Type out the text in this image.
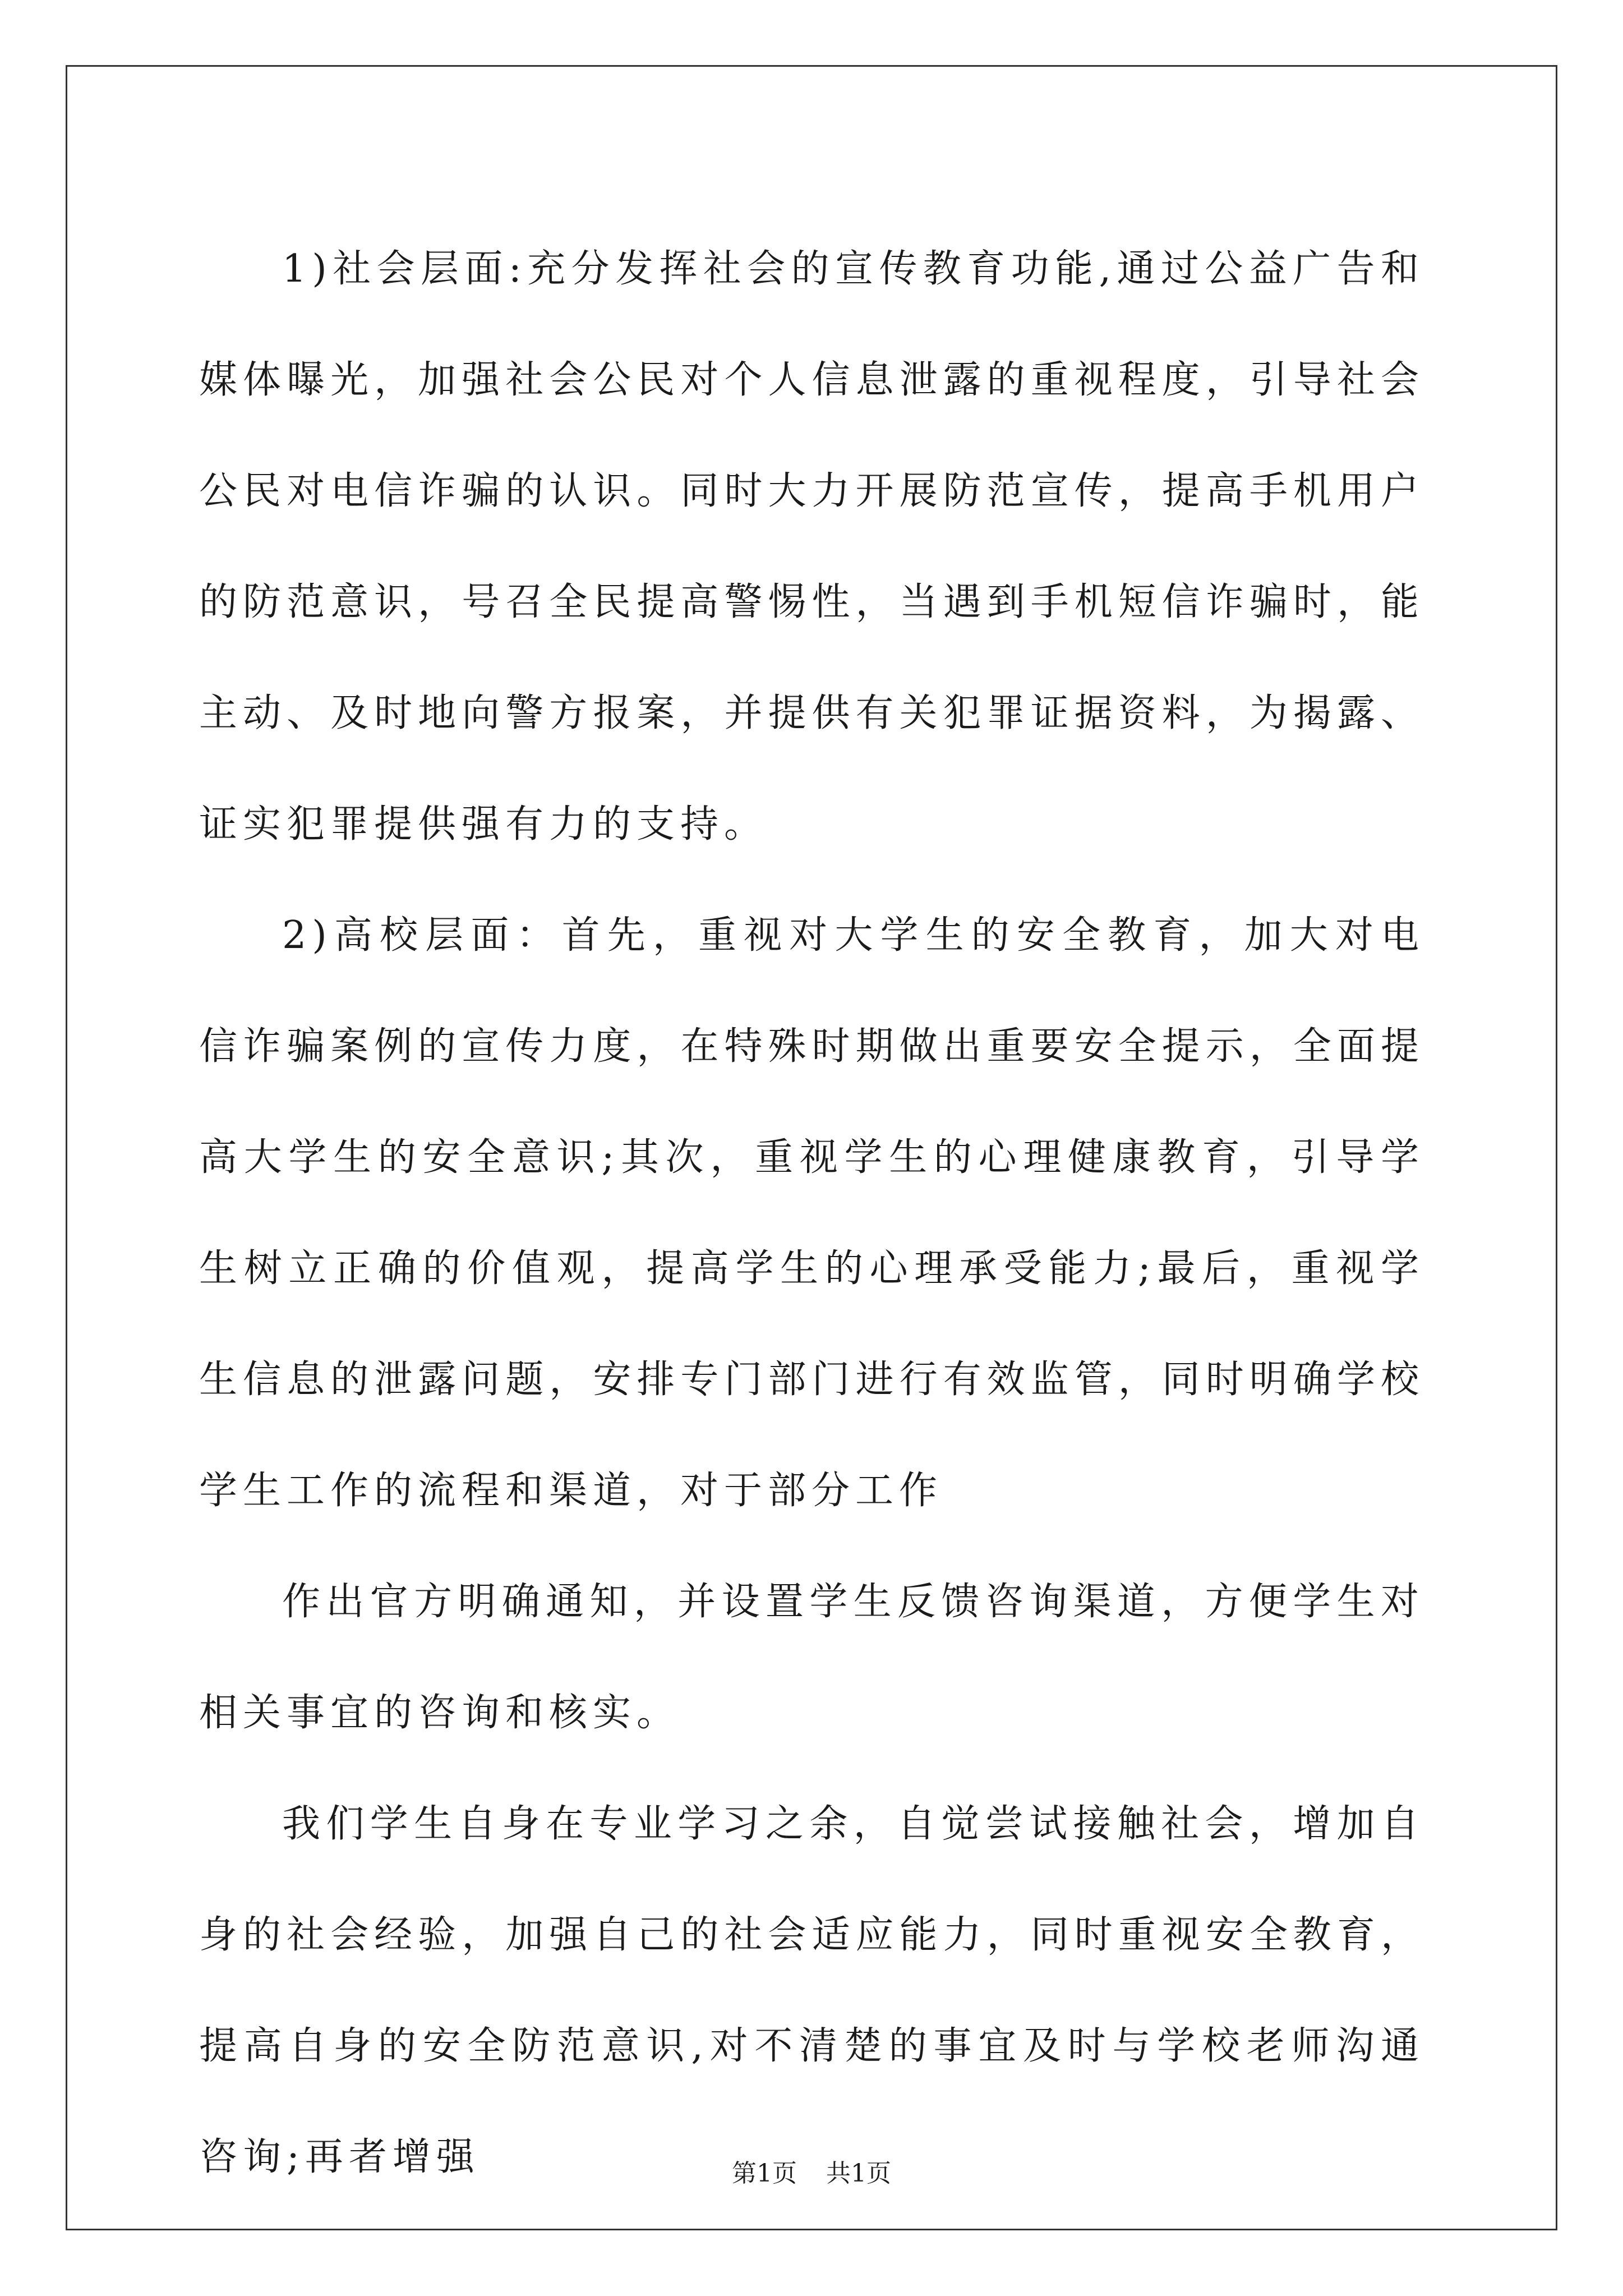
1)社会层面:充分发挥社会的宣传教育功能,通过公益广告和媒体曝光，加强社会公民对个人信息泄露的重视程度，引导社会公民对电信诈骗的认识。同时大力开展防范宣传，提高手机用户的防范意识，号召全民提高警惕性，当遇到手机短信诈骗时，能主动、及时地向警方报案，并提供有关犯罪证据资料，为揭露、证实犯罪提供强有力的支持。

2)高校层面：首先，重视对大学生的安全教育，加大对电信诈骗案例的宣传力度，在特殊时期做出重要安全提示，全面提高大学生的安全意识;其次，重视学生的心理健康教育，引导学生树立正确的价值观，提高学生的心理承受能力;最后，重视学生信息的泄露问题，安排专门部门进行有效监管，同时明确学校学生工作的流程和渠道，对于部分工作

作出官方明确通知，并设置学生反馈咨询渠道，方便学生对相关事宜的咨询和核实。

我们学生自身在专业学习之余，自觉尝试接触社会，增加自身的社会经验，加强自己的社会适应能力，同时重视安全教育，提高自身的安全防范意识,对不清楚的事宜及时与学校老师沟通咨询;再者增强	第1页 共1页
